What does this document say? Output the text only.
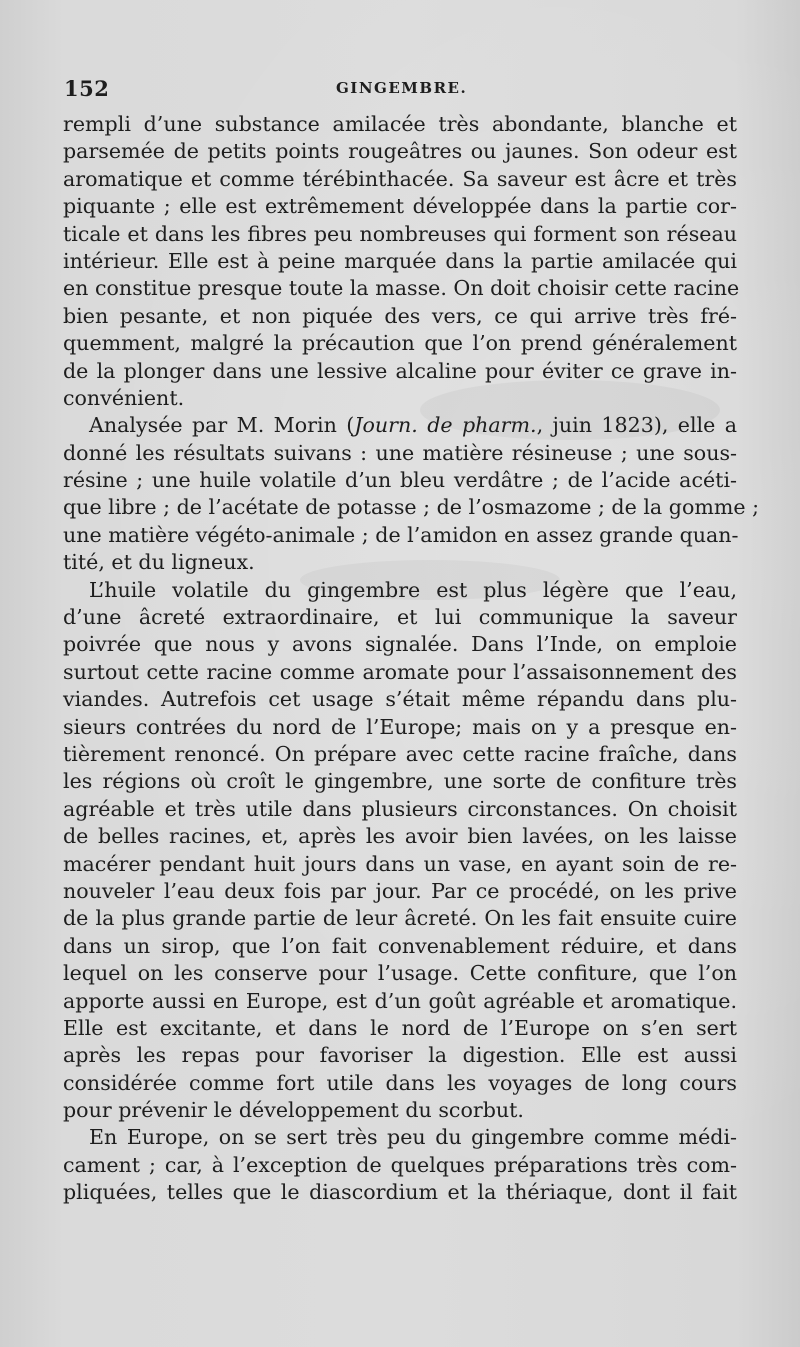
152	GINGEMBRE.
rempli d’une substance amilacée très abondante, blanche et
parsemée de petits points rougeâtres ou jaunes. Son odeur est
aromatique et comme térébinthacée. Sa saveur est âcre et très
piquante ; elle est extrêmement développée dans la partie cor-
ticale et dans les fibres peu nombreuses qui forment son réseau
intérieur. Elle est à peine marquée dans la partie amilacée qui
en constitue presque toute la masse. On doit choisir cette racine
bien pesante, et non piquée des vers, ce qui arrive très fré-
quemment, malgré la précaution que l’on prend généralement
de la plonger dans une lessive alcaline pour éviter ce grave in-
convénient.
Analysée par M. Morin (Journ. de pharm., juin 1823), elle a
donné les résultats suivans : une matière résineuse ; une sous-
résine ; une huile volatile d’un bleu verdâtre ; de l’acide acéti-
que libre ; de l’acétate de potasse ; de l’osmazome ; de la gomme ;
une matière végéto-animale ; de l’amidon en assez grande quan-
tité, et du ligneux.
L’huile volatile du gingembre est plus légère que l’eau,
d’une âcreté extraordinaire, et lui communique la saveur
poivrée que nous y avons signalée. Dans l’Inde, on emploie
surtout cette racine comme aromate pour l’assaisonnement des
viandes. Autrefois cet usage s’était même répandu dans plu-
sieurs contrées du nord de l’Europe; mais on y a presque en-
tièrement renoncé. On prépare avec cette racine fraîche, dans
les régions où croît le gingembre, une sorte de confiture très
agréable et très utile dans plusieurs circonstances. On choisit
de belles racines, et, après les avoir bien lavées, on les laisse
macérer pendant huit jours dans un vase, en ayant soin de re-
nouveler l’eau deux fois par jour. Par ce procédé, on les prive
de la plus grande partie de leur âcreté. On les fait ensuite cuire
dans un sirop, que l’on fait convenablement réduire, et dans
lequel on les conserve pour l’usage. Cette confiture, que l’on
apporte aussi en Europe, est d’un goût agréable et aromatique.
Elle est excitante, et dans le nord de l’Europe on s’en sert
après les repas pour favoriser la digestion. Elle est aussi
considérée comme fort utile dans les voyages de long cours
pour prévenir le développement du scorbut.
En Europe, on se sert très peu du gingembre comme médi-
cament ; car, à l’exception de quelques préparations très com-
pliquées, telles que le diascordium et la thériaque, dont il fait
